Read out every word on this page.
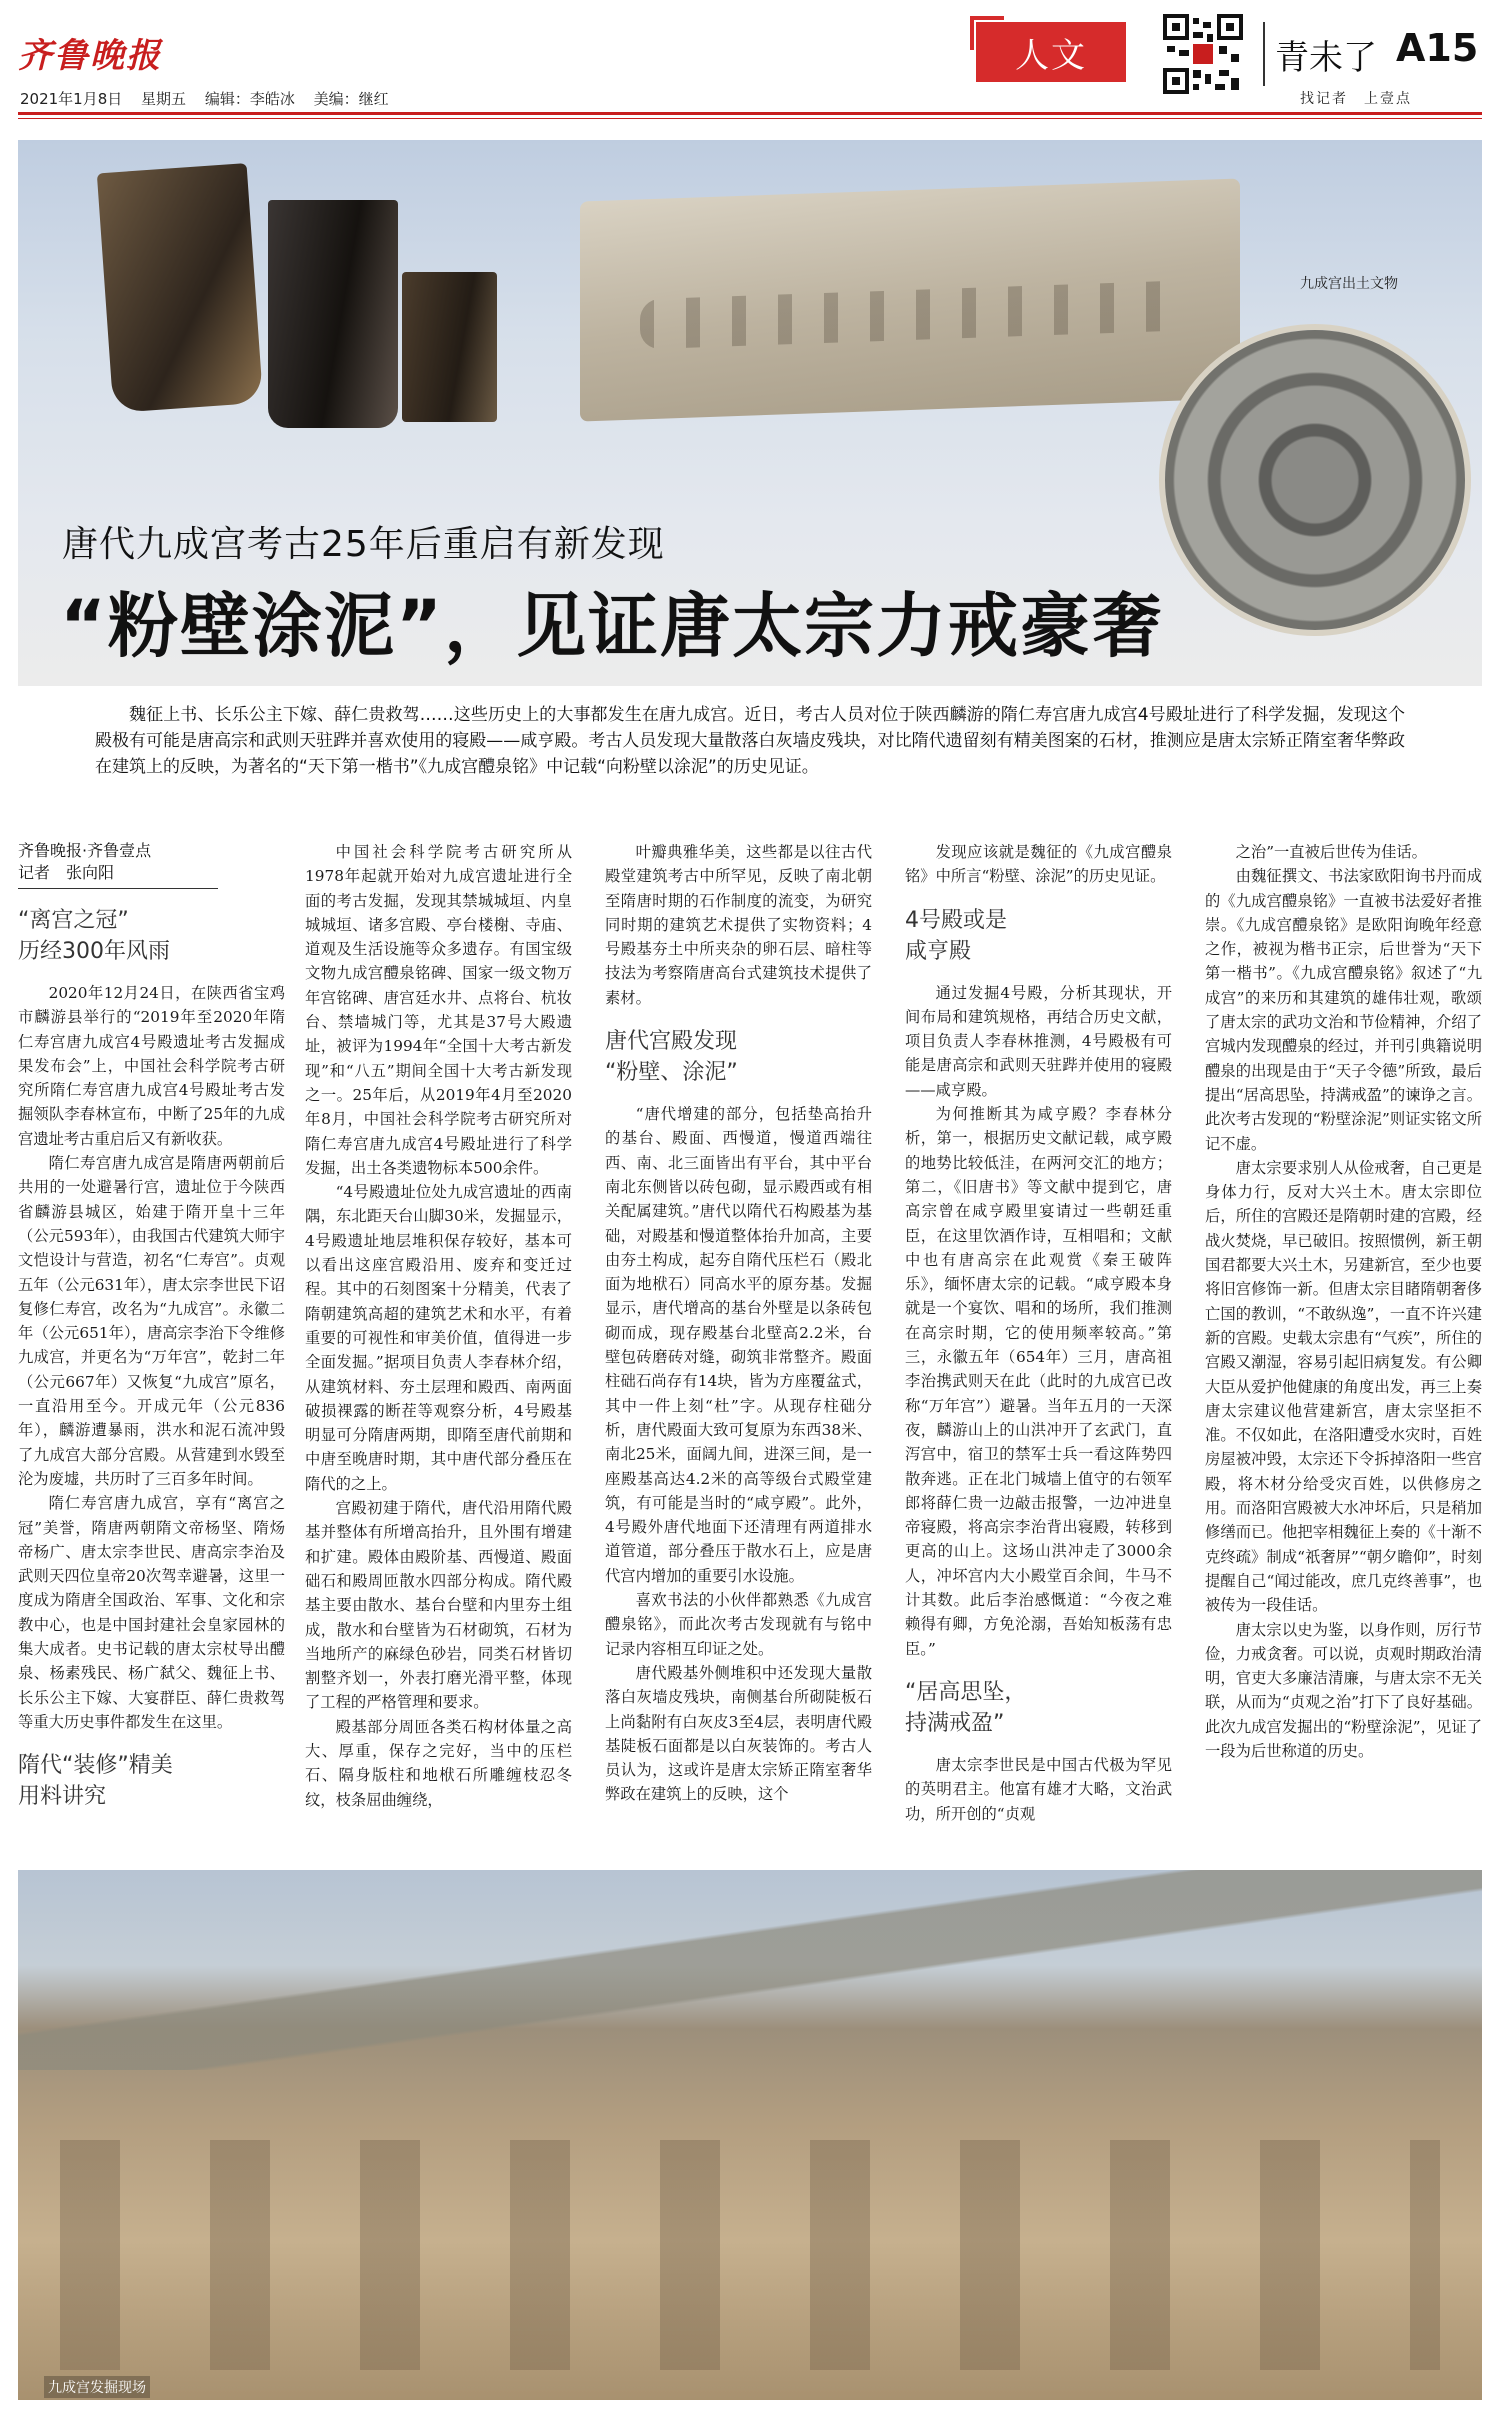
齐鲁晚报
2021年1月8日 星期五 编辑：李皓冰 美编：继红
人文	青未了 A15
找记者　上壹点
九成宫出土文物
唐代九成宫考古25年后重启有新发现
“粉壁涂泥”，见证唐太宗力戒豪奢
魏征上书、长乐公主下嫁、薛仁贵救驾……这些历史上的大事都发生在唐九成宫。近日，考古人员对位于陕西麟游的隋仁寿宫唐九成宫4号殿址进行了科学发掘，发现这个殿极有可能是唐高宗和武则天驻跸并喜欢使用的寝殿——咸亨殿。考古人员发现大量散落白灰墙皮残块，对比隋代遗留刻有精美图案的石材，推测应是唐太宗矫正隋室奢华弊政在建筑上的反映，为著名的“天下第一楷书”《九成宫醴泉铭》中记载“向粉壁以涂泥”的历史见证。
齐鲁晚报·齐鲁壹点
记者　张向阳
“离宫之冠”
历经300年风雨

2020年12月24日，在陕西省宝鸡市麟游县举行的“2019年至2020年隋仁寿宫唐九成宫4号殿遗址考古发掘成果发布会”上，中国社会科学院考古研究所隋仁寿宫唐九成宫4号殿址考古发掘领队李春林宣布，中断了25年的九成宫遗址考古重启后又有新收获。

隋仁寿宫唐九成宫是隋唐两朝前后共用的一处避暑行宫，遗址位于今陕西省麟游县城区，始建于隋开皇十三年（公元593年），由我国古代建筑大师宇文恺设计与营造，初名“仁寿宫”。贞观五年（公元631年），唐太宗李世民下诏复修仁寿宫，改名为“九成宫”。永徽二年（公元651年），唐高宗李治下令维修九成宫，并更名为“万年宫”，乾封二年（公元667年）又恢复“九成宫”原名，一直沿用至今。开成元年（公元836年），麟游遭暴雨，洪水和泥石流冲毁了九成宫大部分宫殿。从营建到水毁至沦为废墟，共历时了三百多年时间。

隋仁寿宫唐九成宫，享有“离宫之冠”美誉，隋唐两朝隋文帝杨坚、隋炀帝杨广、唐太宗李世民、唐高宗李治及武则天四位皇帝20次驾幸避暑，这里一度成为隋唐全国政治、军事、文化和宗教中心，也是中国封建社会皇家园林的集大成者。史书记载的唐太宗杖导出醴泉、杨素残民、杨广弑父、魏征上书、长乐公主下嫁、大宴群臣、薛仁贵救驾等重大历史事件都发生在这里。

隋代“装修”精美
用料讲究

中国社会科学院考古研究所从1978年起就开始对九成宫遗址进行全面的考古发掘，发现其禁城城垣、内皇城城垣、诸多宫殿、亭台楼榭、寺庙、道观及生活设施等众多遗存。有国宝级文物九成宫醴泉铭碑、国家一级文物万年宫铭碑、唐宫廷水井、点将台、杭妆台、禁墙城门等，尤其是37号大殿遗址，被评为1994年“全国十大考古新发现”和“八五”期间全国十大考古新发现之一。25年后，从2019年4月至2020年8月，中国社会科学院考古研究所对隋仁寿宫唐九成宫4号殿址进行了科学发掘，出土各类遗物标本500余件。

“4号殿遗址位处九成宫遗址的西南隅，东北距天台山脚30米，发掘显示，4号殿遗址地层堆积保存较好，基本可以看出这座宫殿沿用、废弃和变迁过程。其中的石刻图案十分精美，代表了隋朝建筑高超的建筑艺术和水平，有着重要的可视性和审美价值，值得进一步全面发掘。”据项目负责人李春林介绍，从建筑材料、夯土层理和殿西、南两面破损裸露的断茬等观察分析，4号殿基明显可分隋唐两期，即隋至唐代前期和中唐至晚唐时期，其中唐代部分叠压在隋代的之上。

宫殿初建于隋代，唐代沿用隋代殿基并整体有所增高抬升，且外围有增建和扩建。殿体由殿阶基、西慢道、殿面础石和殿周匝散水四部分构成。隋代殿基主要由散水、基台台壁和内里夯土组成，散水和台壁皆为石材砌筑，石材为当地所产的麻绿色砂岩，同类石材皆切割整齐划一，外表打磨光滑平整，体现了工程的严格管理和要求。

殿基部分周匝各类石构材体量之高大、厚重，保存之完好，当中的压栏石、隔身版柱和地栿石所雕缠枝忍冬纹，枝条屈曲缠绕，

叶瓣典雅华美，这些都是以往古代殿堂建筑考古中所罕见，反映了南北朝至隋唐时期的石作制度的流变，为研究同时期的建筑艺术提供了实物资料；4号殿基夯土中所夹杂的卵石层、暗柱等技法为考察隋唐高台式建筑技术提供了素材。

唐代宫殿发现
“粉壁、涂泥”

“唐代增建的部分，包括垫高抬升的基台、殿面、西慢道，慢道西端往西、南、北三面皆出有平台，其中平台南北东侧皆以砖包砌，显示殿西或有相关配属建筑。”唐代以隋代石构殿基为基础，对殿基和慢道整体抬升加高，主要由夯土构成，起夯自隋代压栏石（殿北面为地栿石）同高水平的原夯基。发掘显示，唐代增高的基台外壁是以条砖包砌而成，现存殿基台北壁高2.2米，台壁包砖磨砖对缝，砌筑非常整齐。殿面柱础石尚存有14块，皆为方座覆盆式，其中一件上刻“杜”字。从现存柱础分析，唐代殿面大致可复原为东西38米、南北25米，面阔九间，进深三间，是一座殿基高达4.2米的高等级台式殿堂建筑，有可能是当时的“咸亨殿”。此外，4号殿外唐代地面下还清理有两道排水道管道，部分叠压于散水石上，应是唐代宫内增加的重要引水设施。

喜欢书法的小伙伴都熟悉《九成宫醴泉铭》，而此次考古发现就有与铭中记录内容相互印证之处。

唐代殿基外侧堆积中还发现大量散落白灰墙皮残块，南侧基台所砌陡板石上尚黏附有白灰皮3至4层，表明唐代殿基陡板石面都是以白灰装饰的。考古人员认为，这或许是唐太宗矫正隋室奢华弊政在建筑上的反映，这个

发现应该就是魏征的《九成宫醴泉铭》中所言“粉壁、涂泥”的历史见证。

4号殿或是
咸亨殿

通过发掘4号殿，分析其现状，开间布局和建筑规格，再结合历史文献，项目负责人李春林推测，4号殿极有可能是唐高宗和武则天驻跸并使用的寝殿——咸亨殿。

为何推断其为咸亨殿？李春林分析，第一，根据历史文献记载，咸亨殿的地势比较低洼，在两河交汇的地方；第二，《旧唐书》等文献中提到它，唐高宗曾在咸亨殿里宴请过一些朝廷重臣，在这里饮酒作诗，互相唱和；文献中也有唐高宗在此观赏《秦王破阵乐》，缅怀唐太宗的记载。“咸亨殿本身就是一个宴饮、唱和的场所，我们推测在高宗时期，它的使用频率较高。”第三，永徽五年（654年）三月，唐高祖李治携武则天在此（此时的九成宫已改称“万年宫”）避暑。当年五月的一天深夜，麟游山上的山洪冲开了玄武门，直泻宫中，宿卫的禁军士兵一看这阵势四散奔逃。正在北门城墙上值守的右领军郎将薛仁贵一边敲击报警，一边冲进皇帝寝殿，将高宗李治背出寝殿，转移到更高的山上。这场山洪冲走了3000余人，冲坏宫内大小殿堂百余间，牛马不计其数。此后李治感慨道：“今夜之难赖得有卿，方免沦溺，吾始知板荡有忠臣。”

“居高思坠，
持满戒盈”

唐太宗李世民是中国古代极为罕见的英明君主。他富有雄才大略，文治武功，所开创的“贞观

之治”一直被后世传为佳话。

由魏征撰文、书法家欧阳询书丹而成的《九成宫醴泉铭》一直被书法爱好者推崇。《九成宫醴泉铭》是欧阳询晚年经意之作，被视为楷书正宗，后世誉为“天下第一楷书”。《九成宫醴泉铭》叙述了“九成宫”的来历和其建筑的雄伟壮观，歌颂了唐太宗的武功文治和节俭精神，介绍了宫城内发现醴泉的经过，并刊引典籍说明醴泉的出现是由于“天子令德”所致，最后提出“居高思坠，持满戒盈”的谏诤之言。此次考古发现的“粉壁涂泥”则证实铭文所记不虚。

唐太宗要求别人从俭戒奢，自己更是身体力行，反对大兴土木。唐太宗即位后，所住的宫殿还是隋朝时建的宫殿，经战火焚烧，早已破旧。按照惯例，新王朝国君都要大兴土木，另建新宫，至少也要将旧宫修饰一新。但唐太宗目睹隋朝奢侈亡国的教训，“不敢纵逸”，一直不许兴建新的宫殿。史载太宗患有“气疾”，所住的宫殿又潮湿，容易引起旧病复发。有公卿大臣从爱护他健康的角度出发，再三上奏唐太宗建议他营建新宫，唐太宗坚拒不准。不仅如此，在洛阳遭受水灾时，百姓房屋被冲毁，太宗还下令拆掉洛阳一些宫殿，将木材分给受灾百姓，以供修房之用。而洛阳宫殿被大水冲坏后，只是稍加修缮而已。他把宰相魏征上奏的《十渐不克终疏》制成“祇奢屏”“朝夕瞻仰”，时刻提醒自己“闻过能改，庶几克终善事”，也被传为一段佳话。

唐太宗以史为鉴，以身作则，厉行节俭，力戒贪奢。可以说，贞观时期政治清明，官吏大多廉洁清廉，与唐太宗不无关联，从而为“贞观之治”打下了良好基础。此次九成宫发掘出的“粉壁涂泥”，见证了一段为后世称道的历史。

九成宫发掘现场
